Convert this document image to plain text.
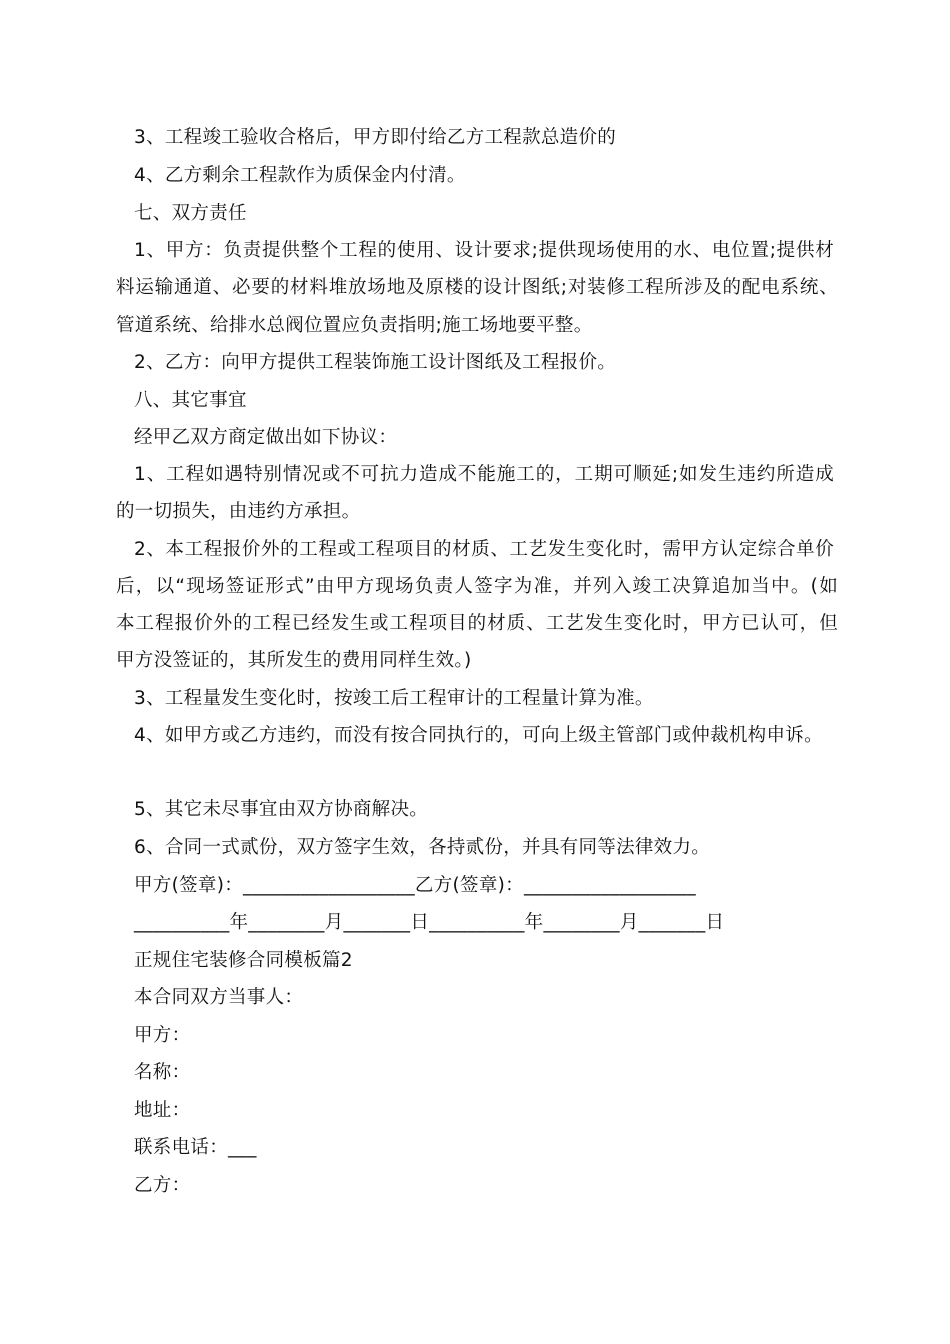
3、工程竣工验收合格后，甲方即付给乙方工程款总造价的
4、乙方剩余工程款作为质保金内付清。
七、双方责任
1、甲方：负责提供整个工程的使用、设计要求;提供现场使用的水、电位置;提供材
料运输通道、必要的材料堆放场地及原楼的设计图纸;对装修工程所涉及的配电系统、
管道系统、给排水总阀位置应负责指明;施工场地要平整。
2、乙方：向甲方提供工程装饰施工设计图纸及工程报价。
八、其它事宜
经甲乙双方商定做出如下协议：
1、工程如遇特别情况或不可抗力造成不能施工的，工期可顺延;如发生违约所造成
的一切损失，由违约方承担。
2、本工程报价外的工程或工程项目的材质、工艺发生变化时，需甲方认定综合单价
后，以“现场签证形式”由甲方现场负责人签字为准，并列入竣工决算追加当中。(如
本工程报价外的工程已经发生或工程项目的材质、工艺发生变化时，甲方已认可，但
甲方没签证的，其所发生的费用同样生效。)
3、工程量发生变化时，按竣工后工程审计的工程量计算为准。
4、如甲方或乙方违约，而没有按合同执行的，可向上级主管部门或仲裁机构申诉。
5、其它未尽事宜由双方协商解决。
6、合同一式贰份，双方签字生效，各持贰份，并具有同等法律效力。
甲方(签章)：__________________乙方(签章)：__________________
__________年________月_______日__________年________月_______日
正规住宅装修合同模板篇2
本合同双方当事人：
甲方：
名称：
地址：
联系电话：___
乙方：
